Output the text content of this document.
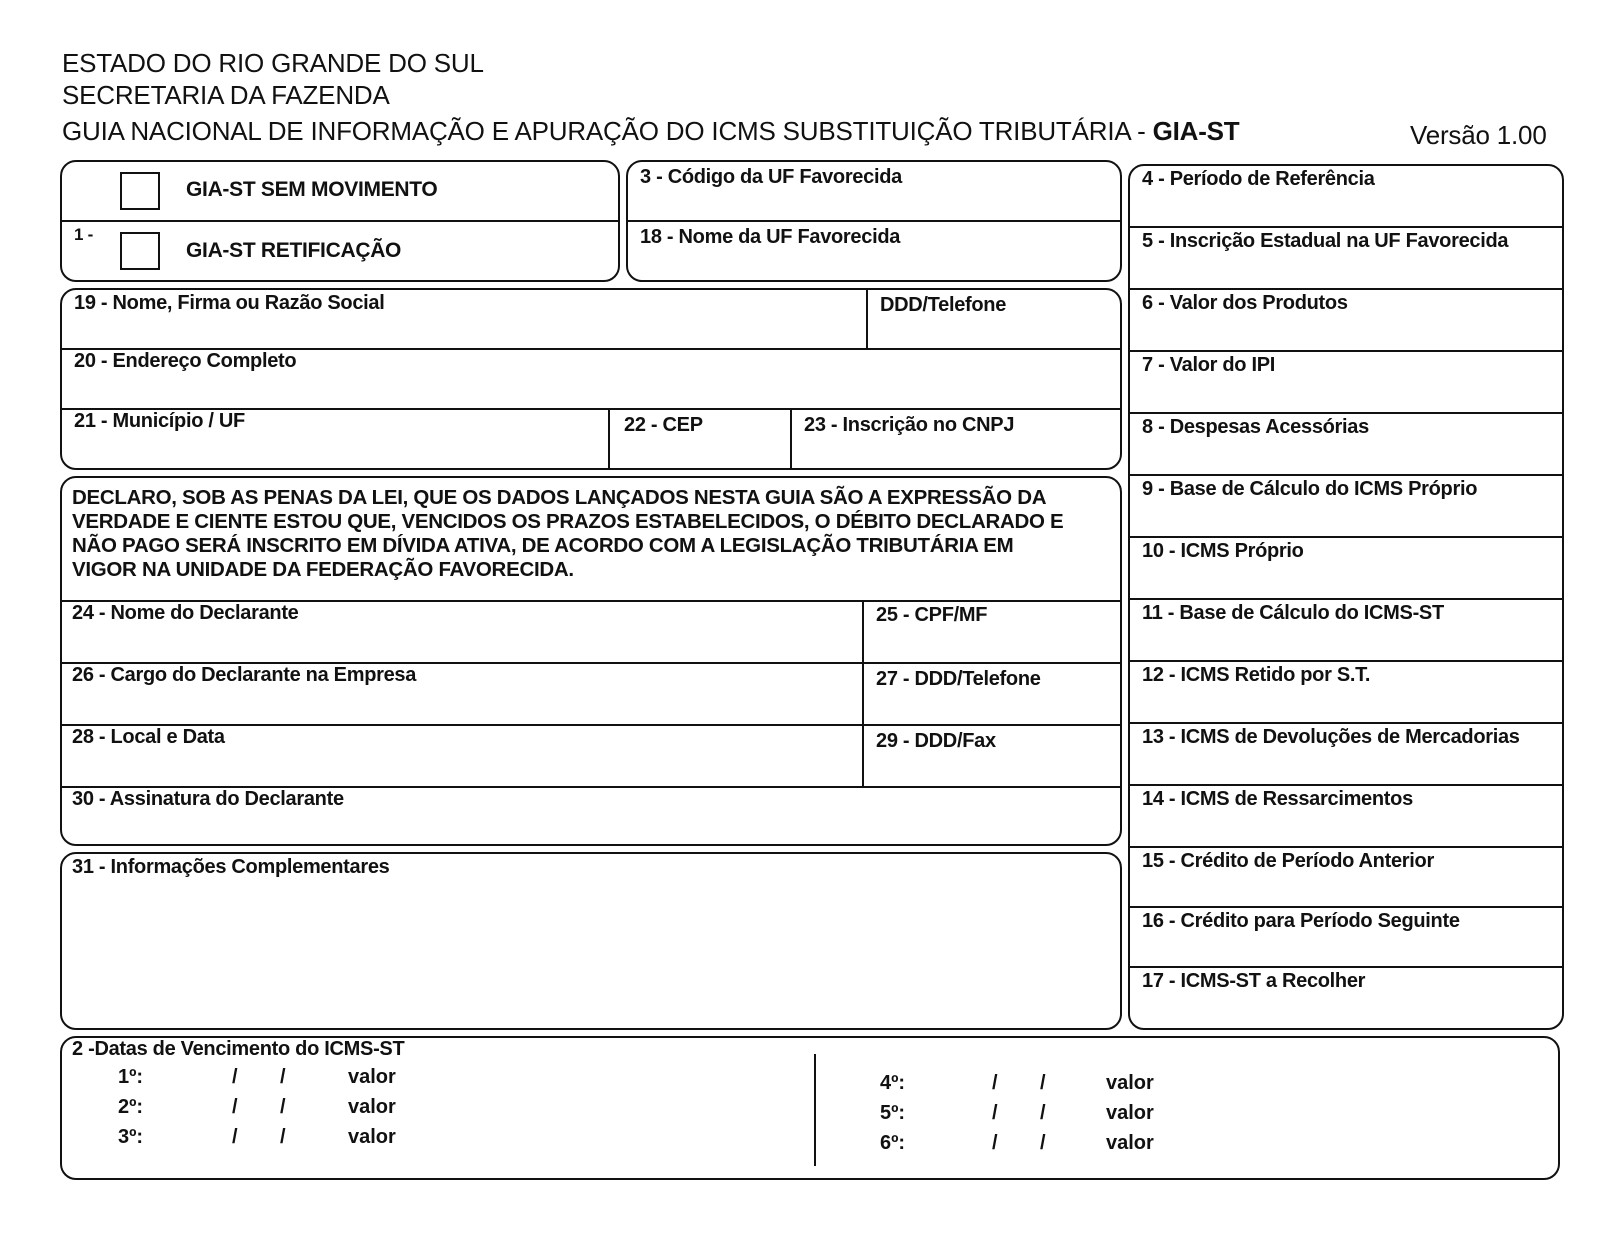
ESTADO DO RIO GRANDE DO SUL
SECRETARIA DA FAZENDA
GUIA NACIONAL DE INFORMAÇÃO E APURAÇÃO DO ICMS SUBSTITUIÇÃO TRIBUTÁRIA - GIA-ST	Versão 1.00
GIA-ST SEM MOVIMENTO
1 -
GIA-ST RETIFICAÇÃO
3 - Código da UF Favorecida
18 - Nome da UF Favorecida
19 - Nome, Firma ou Razão Social	DDD/Telefone
20 - Endereço Completo
21 - Município / UF	22 - CEP	23 - Inscrição no CNPJ
DECLARO, SOB AS PENAS DA LEI, QUE OS DADOS LANÇADOS NESTA GUIA SÃO A EXPRESSÃO DA VERDADE E CIENTE ESTOU QUE, VENCIDOS OS PRAZOS ESTABELECIDOS, O DÉBITO DECLARADO E NÃO PAGO SERÁ INSCRITO EM DÍVIDA ATIVA, DE ACORDO COM A LEGISLAÇÃO TRIBUTÁRIA EM VIGOR NA UNIDADE DA FEDERAÇÃO FAVORECIDA.
24 - Nome do Declarante	25 - CPF/MF
26 - Cargo do Declarante na Empresa	27 - DDD/Telefone
28 - Local e Data	29 - DDD/Fax
30 - Assinatura do Declarante
31 - Informações Complementares
4 - Período de Referência
5 - Inscrição Estadual na UF Favorecida
6 - Valor dos Produtos
7 - Valor do IPI
8 - Despesas Acessórias
9 - Base de Cálculo do ICMS Próprio
10 - ICMS Próprio
11 - Base de Cálculo do ICMS-ST
12 - ICMS Retido por S.T.
13 - ICMS de Devoluções de Mercadorias
14 - ICMS de Ressarcimentos
15 - Crédito de Período Anterior
16 - Crédito para Período Seguinte
17 - ICMS-ST a Recolher
2 -Datas de Vencimento do ICMS-ST
1º:	/ /	valor
2º:	/ /	valor
3º:	/ /	valor
4º:	/ /	valor
5º:	/ /	valor
6º:	/ /	valor
